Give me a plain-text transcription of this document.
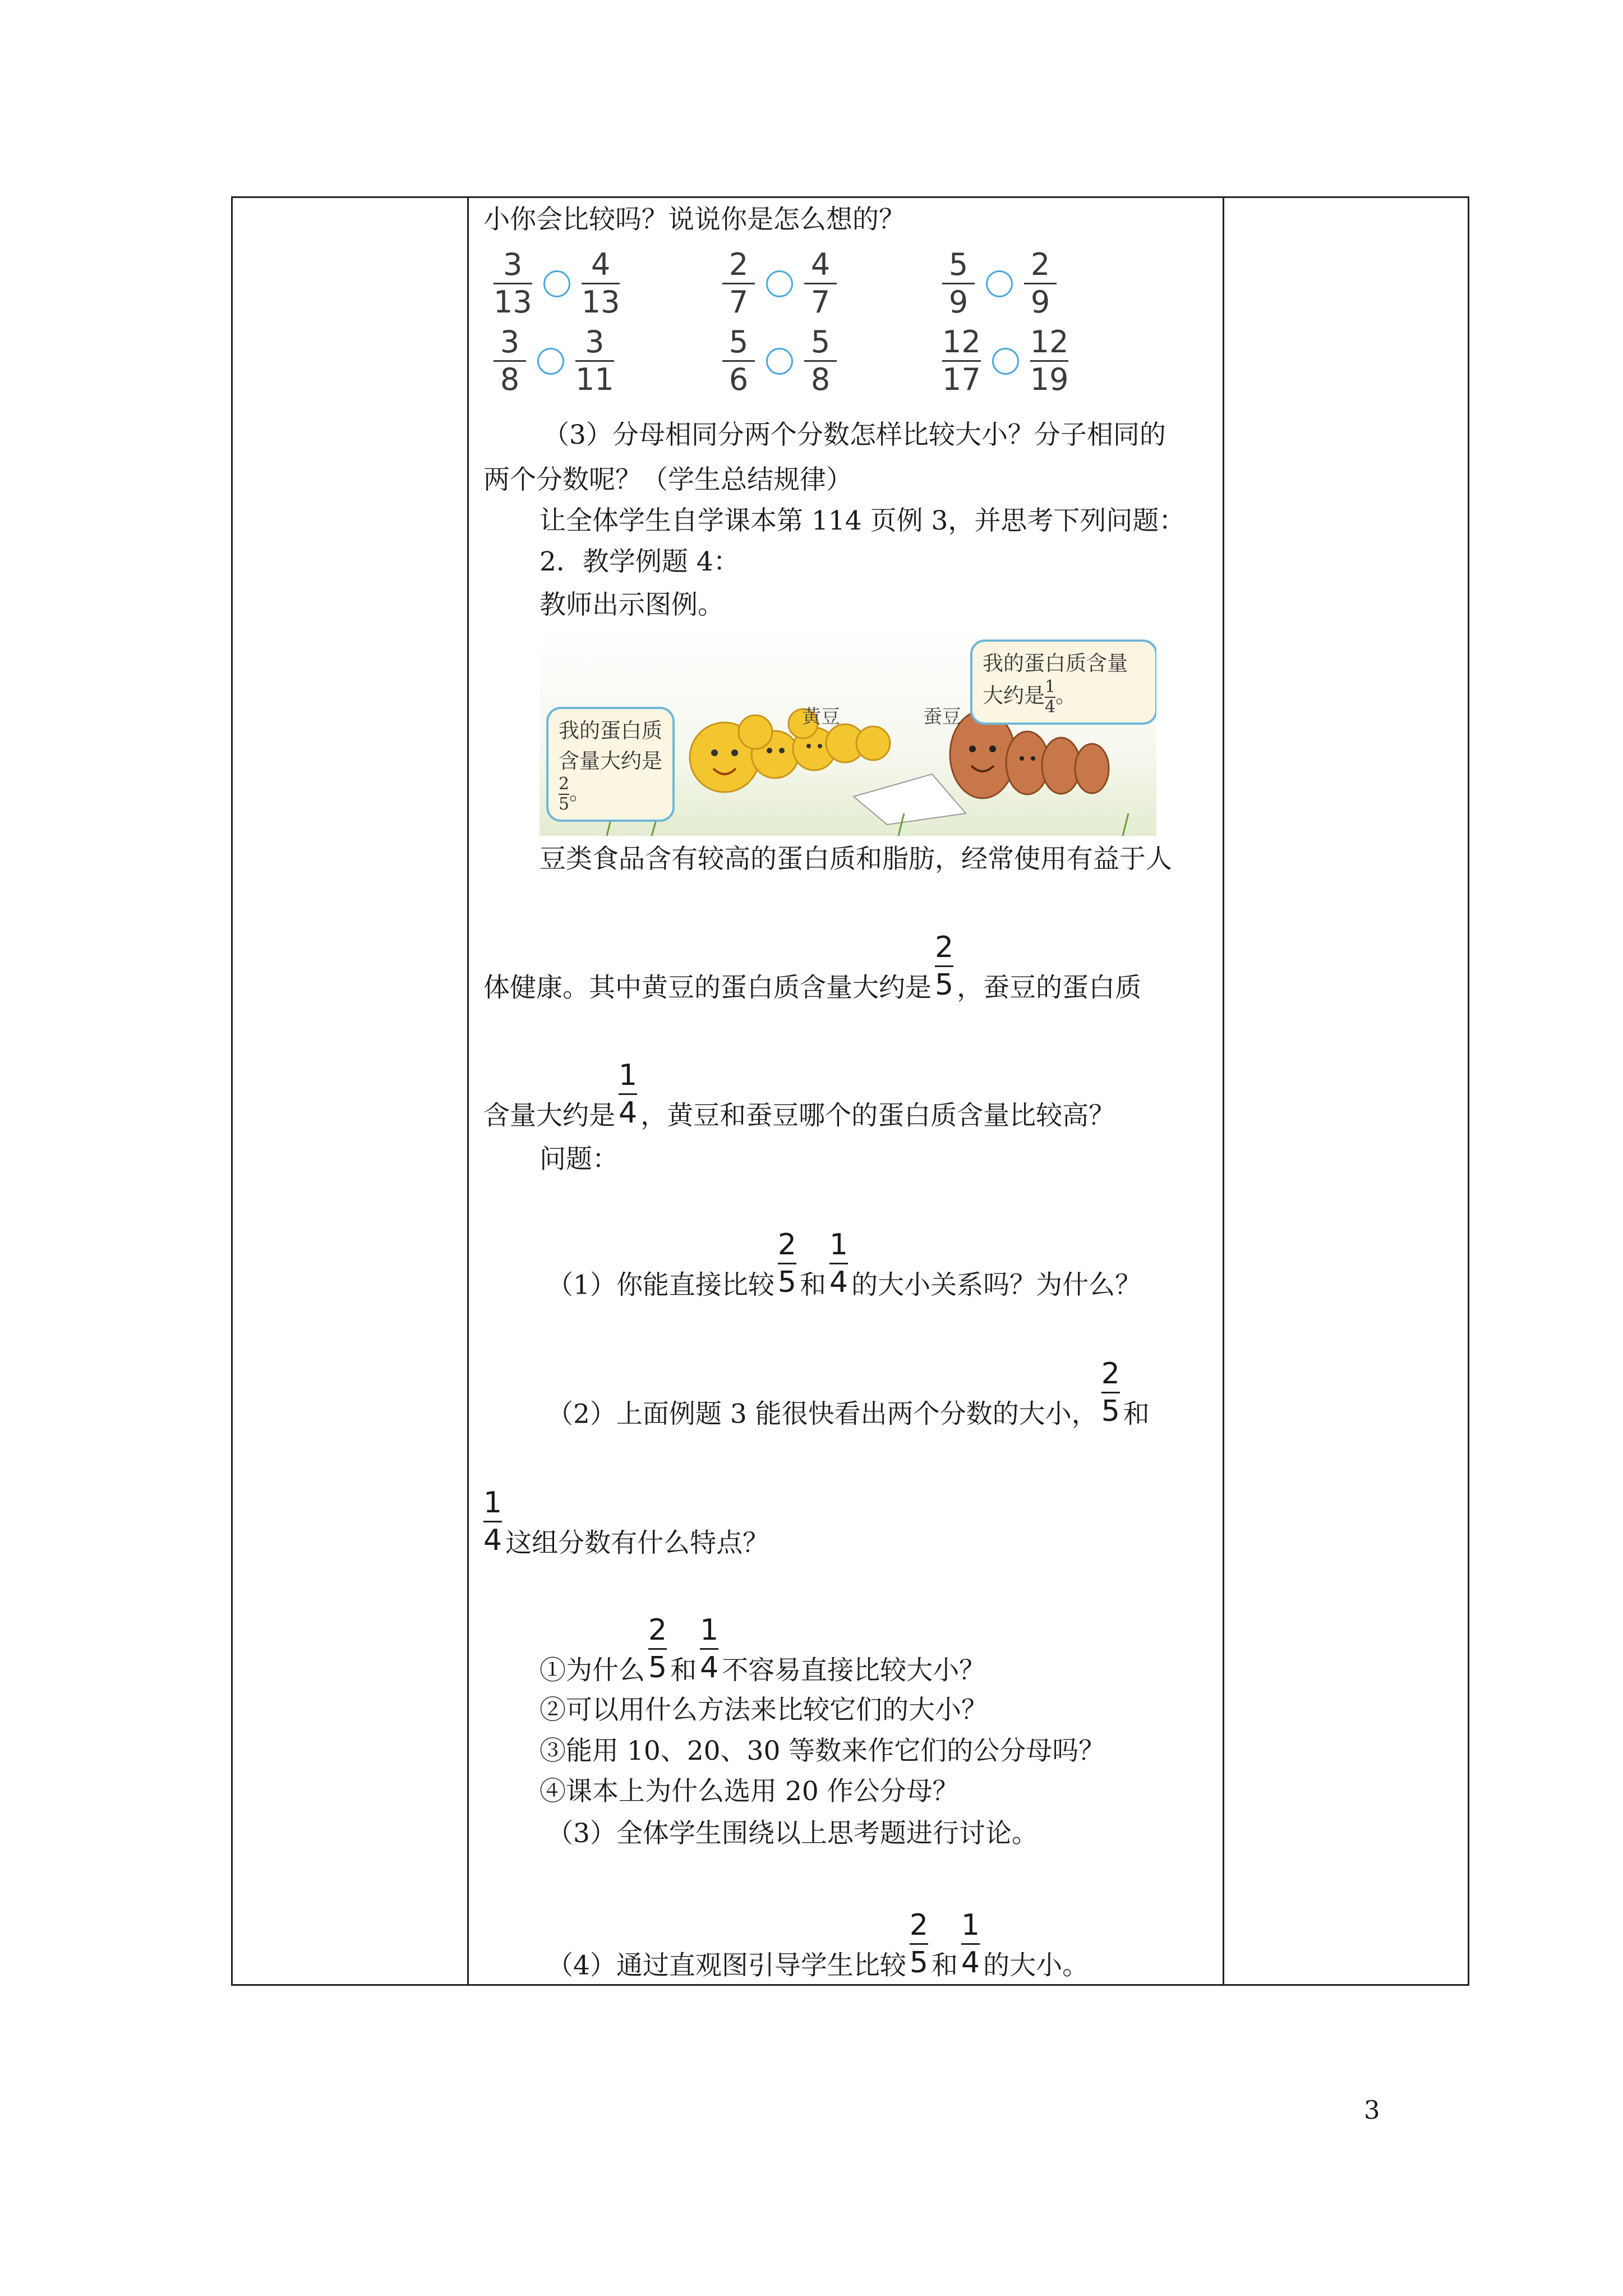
小你会比较吗？说说你是怎么想的？
$\frac{3}{13} \frac{4}{13}$	$\frac{2}{7} \frac{4}{7}$	$\frac{5}{9} \frac{2}{9}$
$\frac{3}{8} \frac{3}{11}$	$\frac{5}{6} \frac{5}{8}$	$\frac{12}{17} \frac{12}{19}$
（3）分母相同分两个分数怎样比较大小？分子相同的
两个分数呢？（学生总结规律）
让全体学生自学课本第 114 页例 3，并思考下列问题：
2．教学例题 4：
教师出示图例。
我的蛋白质含量大约是
$\frac{2}{5}$ 。
我的蛋白质含量
大约是 $\frac{1}{4}$ 。
黄豆	蚕豆
豆类食品含有较高的蛋白质和脂肪，经常使用有益于人
体健康。其中黄豆的蛋白质含量大约是 $\frac{2}{5}$ ，蚕豆的蛋白质
含量大约是 $\frac{1}{4}$ ，黄豆和蚕豆哪个的蛋白质含量比较高？
问题：
（1）你能直接比较 $\frac{2}{5}$ 和 $\frac{1}{4}$ 的大小关系吗？为什么？
（2）上面例题 3 能很快看出两个分数的大小， $\frac{2}{5}$ 和
$\frac{1}{4}$ 这组分数有什么特点？
①为什么 $\frac{2}{5}$ 和 $\frac{1}{4}$ 不容易直接比较大小？
②可以用什么方法来比较它们的大小？
③能用 10、20、30 等数来作它们的公分母吗？
④课本上为什么选用 20 作公分母？
（3）全体学生围绕以上思考题进行讨论。
（4）通过直观图引导学生比较 $\frac{2}{5}$ 和 $\frac{1}{4}$ 的大小。
3
